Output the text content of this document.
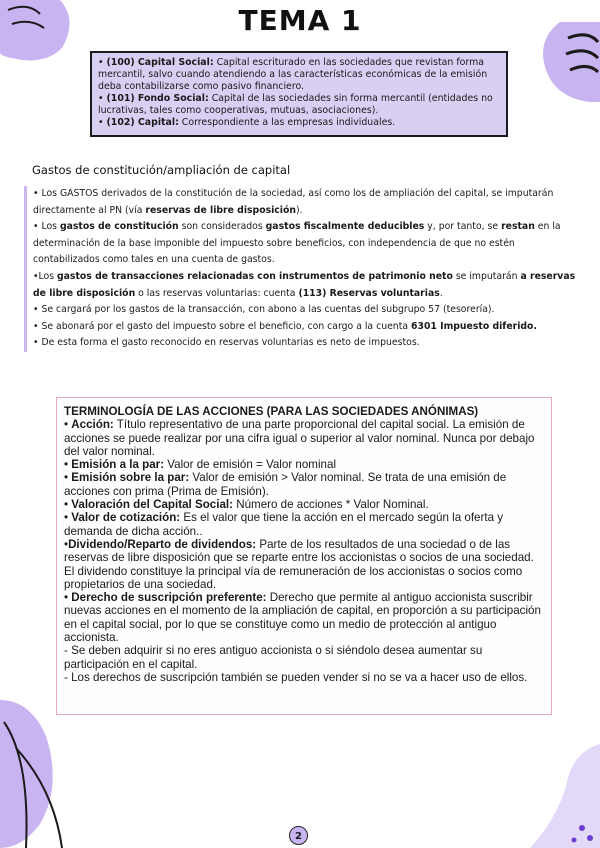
TEMA 1

• (100) Capital Social: Capital escriturado en las sociedades que revistan forma mercantil, salvo cuando atendiendo a las características económicas de la emisión deba contabilizarse como pasivo financiero.

• (101) Fondo Social: Capital de las sociedades sin forma mercantil (entidades no lucrativas, tales como cooperativas, mutuas, asociaciones).

• (102) Capital: Correspondiente a las empresas individuales.

Gastos de constitución/ampliación de capital

• Los GASTOS derivados de la constitución de la sociedad, así como los de ampliación del capital, se imputarán directamente al PN (vía reservas de libre disposición).

• Los gastos de constitución son considerados gastos fiscalmente deducibles y, por tanto, se restan en la determinación de la base imponible del impuesto sobre beneficios, con independencia de que no estén contabilizados como tales en una cuenta de gastos.

•Los gastos de transacciones relacionadas con instrumentos de patrimonio neto se imputarán a reservas de libre disposición o las reservas voluntarias: cuenta (113) Reservas voluntarias.

• Se cargará por los gastos de la transacción, con abono a las cuentas del subgrupo 57 (tesorería).

• Se abonará por el gasto del impuesto sobre el beneficio, con cargo a la cuenta 6301 Impuesto diferido.

• De esta forma el gasto reconocido en reservas voluntarias es neto de impuestos.

TERMINOLOGÍA DE LAS ACCIONES (PARA LAS SOCIEDADES ANÓNIMAS)

• Acción: Título representativo de una parte proporcional del capital social. La emisión de acciones se puede realizar por una cifra igual o superior al valor nominal. Nunca por debajo del valor nominal.

• Emisión a la par: Valor de emisión = Valor nominal

• Emisión sobre la par: Valor de emisión > Valor nominal. Se trata de una emisión de acciones con prima (Prima de Emisión).

• Valoración del Capital Social: Número de acciones * Valor Nominal.

• Valor de cotización: Es el valor que tiene la acción en el mercado según la oferta y demanda de dicha acción..

•Dividendo/Reparto de dividendos: Parte de los resultados de una sociedad o de las reservas de libre disposición que se reparte entre los accionistas o socios de una sociedad. El dividendo constituye la principal vía de remuneración de los accionistas o socios como propietarios de una sociedad.

• Derecho de suscripción preferente: Derecho que permite al antiguo accionista suscribir nuevas acciones en el momento de la ampliación de capital, en proporción a su participación en el capital social, por lo que se constituye como un medio de protección al antiguo accionista.

- Se deben adquirir si no eres antiguo accionista o si siéndolo desea aumentar su participación en el capital.

- Los derechos de suscripción también se pueden vender si no se va a hacer uso de ellos.

2
